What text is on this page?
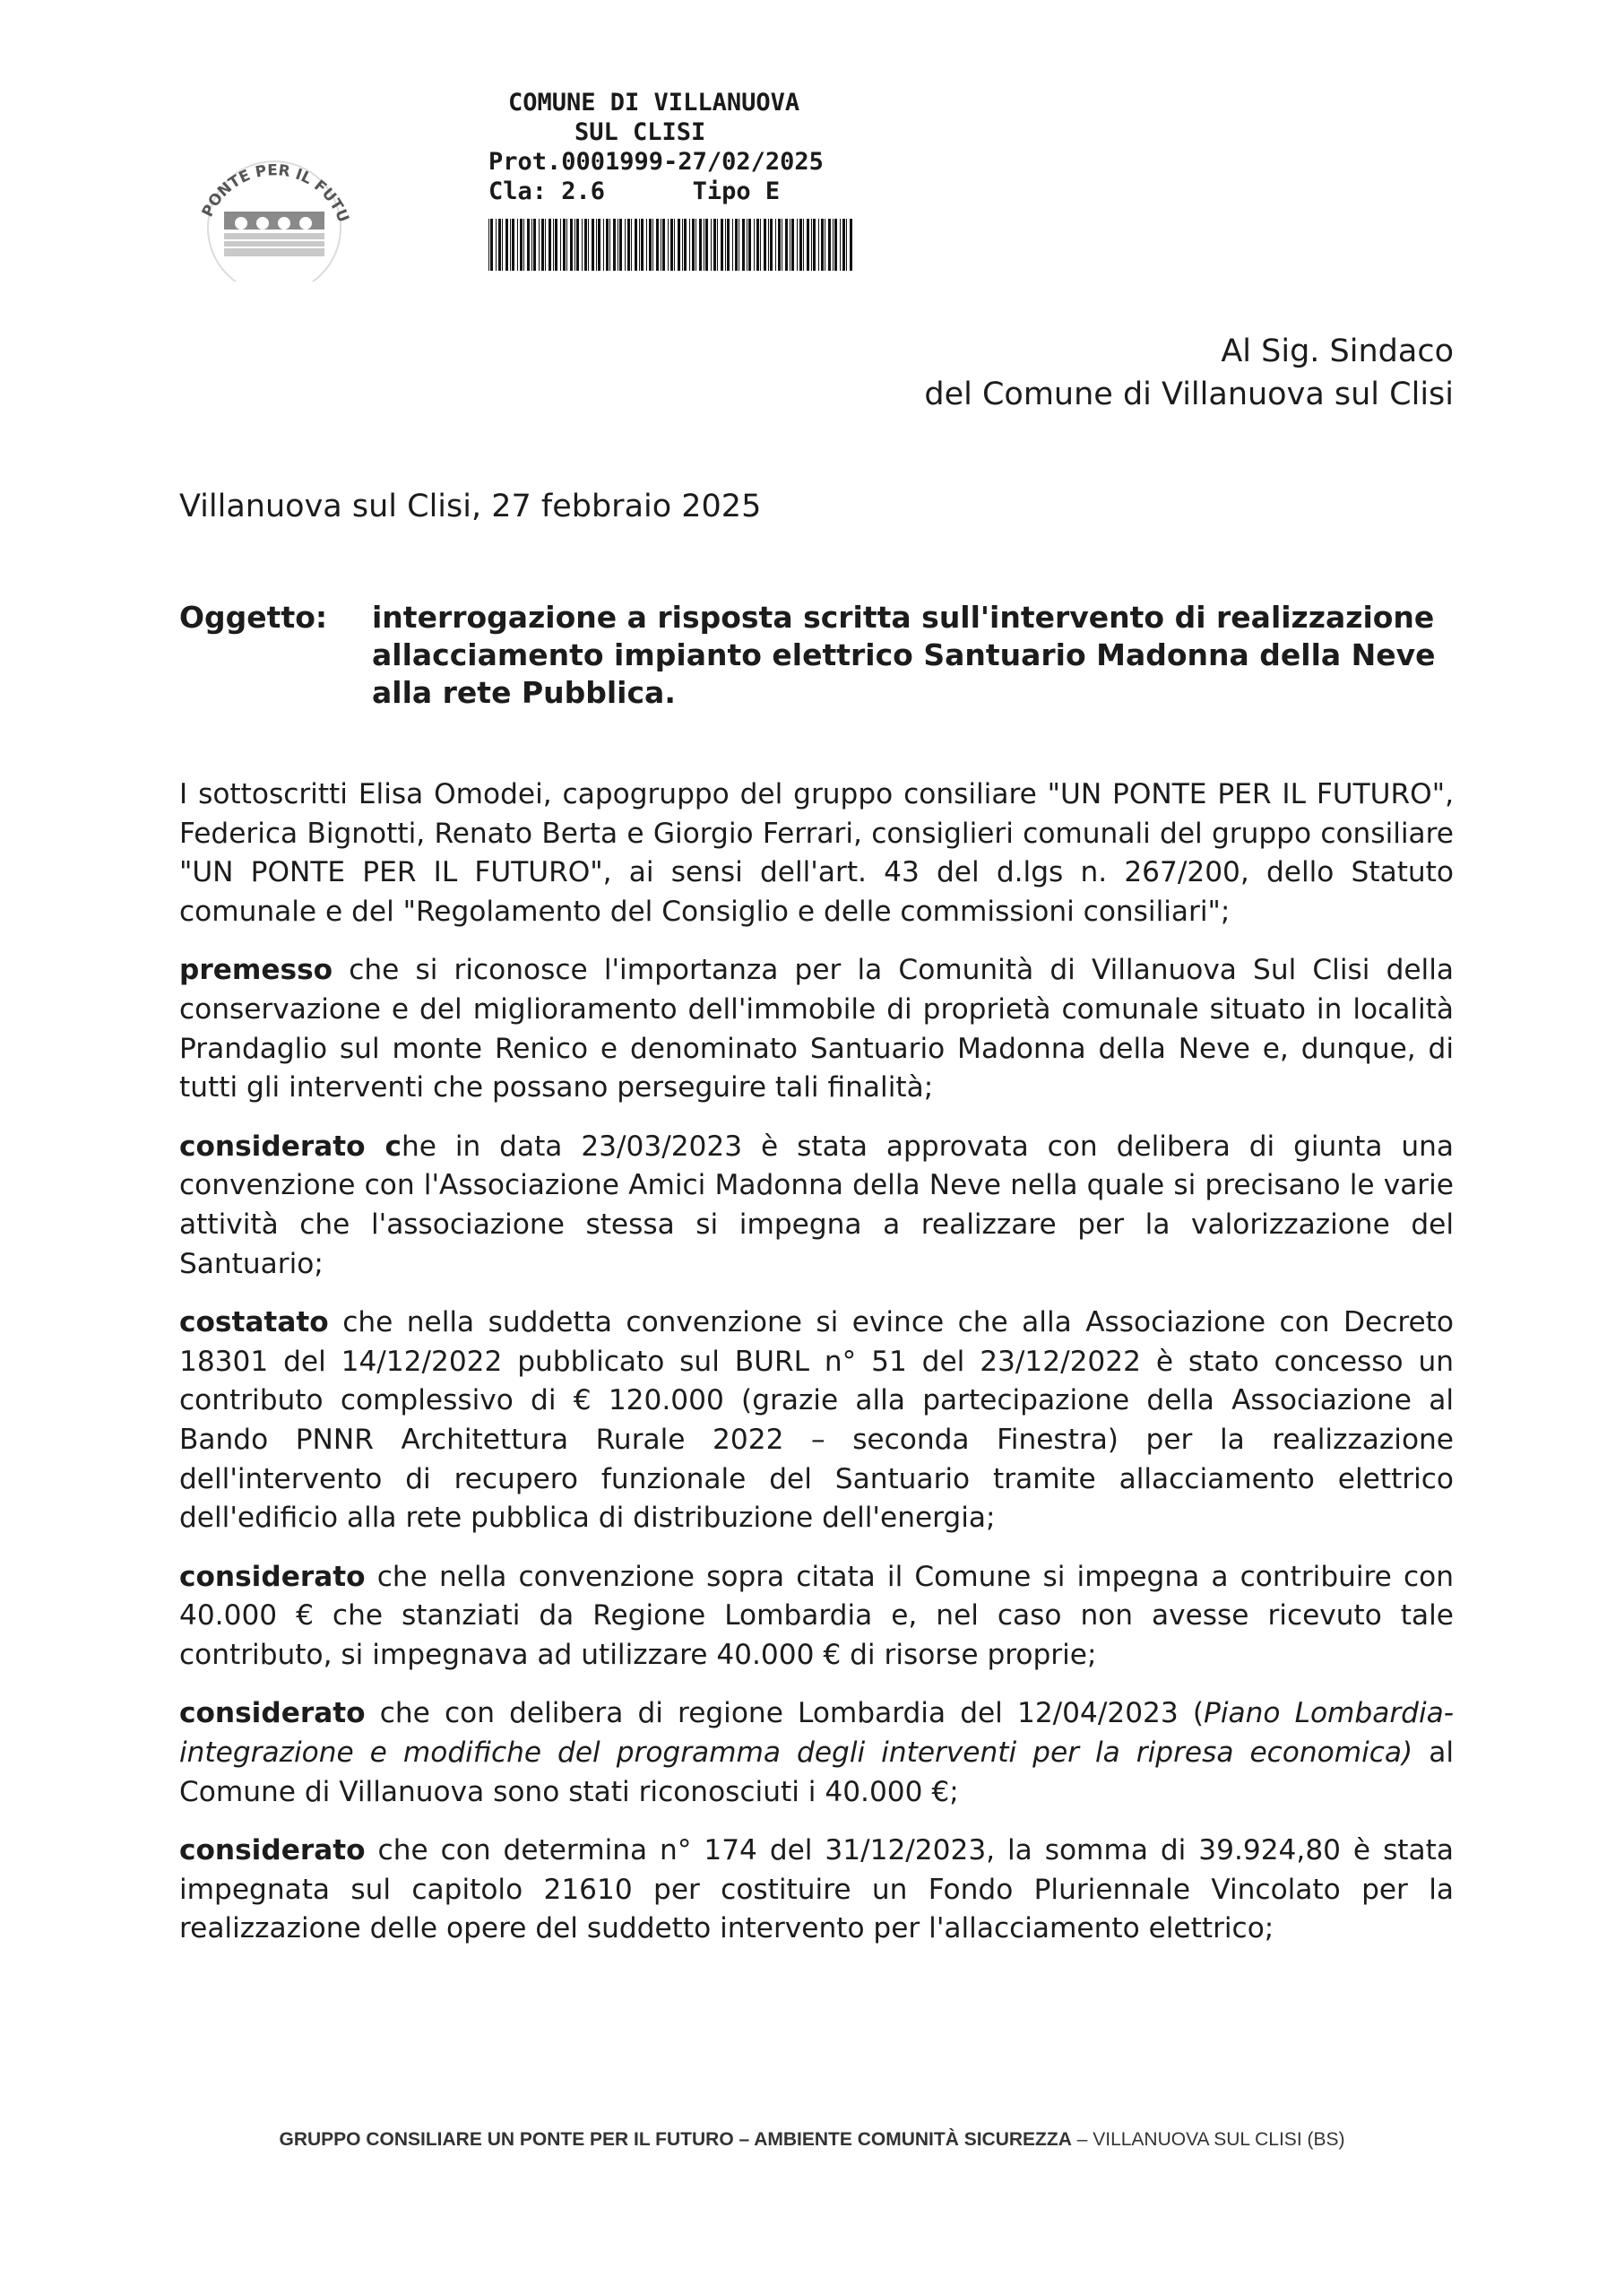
PONTE PER IL FUTU
COMUNE DI VILLANUOVA
SUL CLISI
Prot.0001999-27/02/2025
Cla: 2.6      Tipo E
Al Sig. Sindaco
del Comune di Villanuova sul Clisi
Villanuova sul Clisi, 27 febbraio 2025
Oggetto:	interrogazione a risposta scritta sull'intervento di realizzazione allacciamento impianto elettrico Santuario Madonna della Neve alla rete Pubblica.

I sottoscritti Elisa Omodei, capogruppo del gruppo consiliare "UN PONTE PER IL FUTURO", Federica Bignotti, Renato Berta e Giorgio Ferrari, consiglieri comunali del gruppo consiliare "UN PONTE PER IL FUTURO", ai sensi dell'art. 43 del d.lgs n. 267/200, dello Statuto comunale e del "Regolamento del Consiglio e delle commissioni consiliari";

premesso che si riconosce l'importanza per la Comunità di Villanuova Sul Clisi della conservazione e del miglioramento dell'immobile di proprietà comunale situato in località Prandaglio sul monte Renico e denominato Santuario Madonna della Neve e, dunque, di tutti gli interventi che possano perseguire tali finalità;

considerato che in data 23/03/2023 è stata approvata con delibera di giunta una convenzione con l'Associazione Amici Madonna della Neve nella quale si precisano le varie attività che l'associazione stessa si impegna a realizzare per la valorizzazione del Santuario;

costatato che nella suddetta convenzione si evince che alla Associazione con Decreto 18301 del 14/12/2022 pubblicato sul BURL n° 51 del 23/12/2022 è stato concesso un contributo complessivo di € 120.000 (grazie alla partecipazione della Associazione al Bando PNNR Architettura Rurale 2022 – seconda Finestra) per la realizzazione dell'intervento di recupero funzionale del Santuario tramite allacciamento elettrico dell'edificio alla rete pubblica di distribuzione dell'energia;

considerato che nella convenzione sopra citata il Comune si impegna a contribuire con 40.000 € che stanziati da Regione Lombardia e, nel caso non avesse ricevuto tale contributo, si impegnava ad utilizzare 40.000 € di risorse proprie;

considerato che con delibera di regione Lombardia del 12/04/2023 (Piano Lombardia- integrazione e modifiche del programma degli interventi per la ripresa economica) al Comune di Villanuova sono stati riconosciuti i 40.000 €;

considerato che con determina n° 174 del 31/12/2023, la somma di 39.924,80 è stata impegnata sul capitolo 21610 per costituire un Fondo Pluriennale Vincolato per la realizzazione delle opere del suddetto intervento per l'allacciamento elettrico;

GRUPPO CONSILIARE UN PONTE PER IL FUTURO – AMBIENTE COMUNITÀ SICUREZZA – VILLANUOVA SUL CLISI (BS)
